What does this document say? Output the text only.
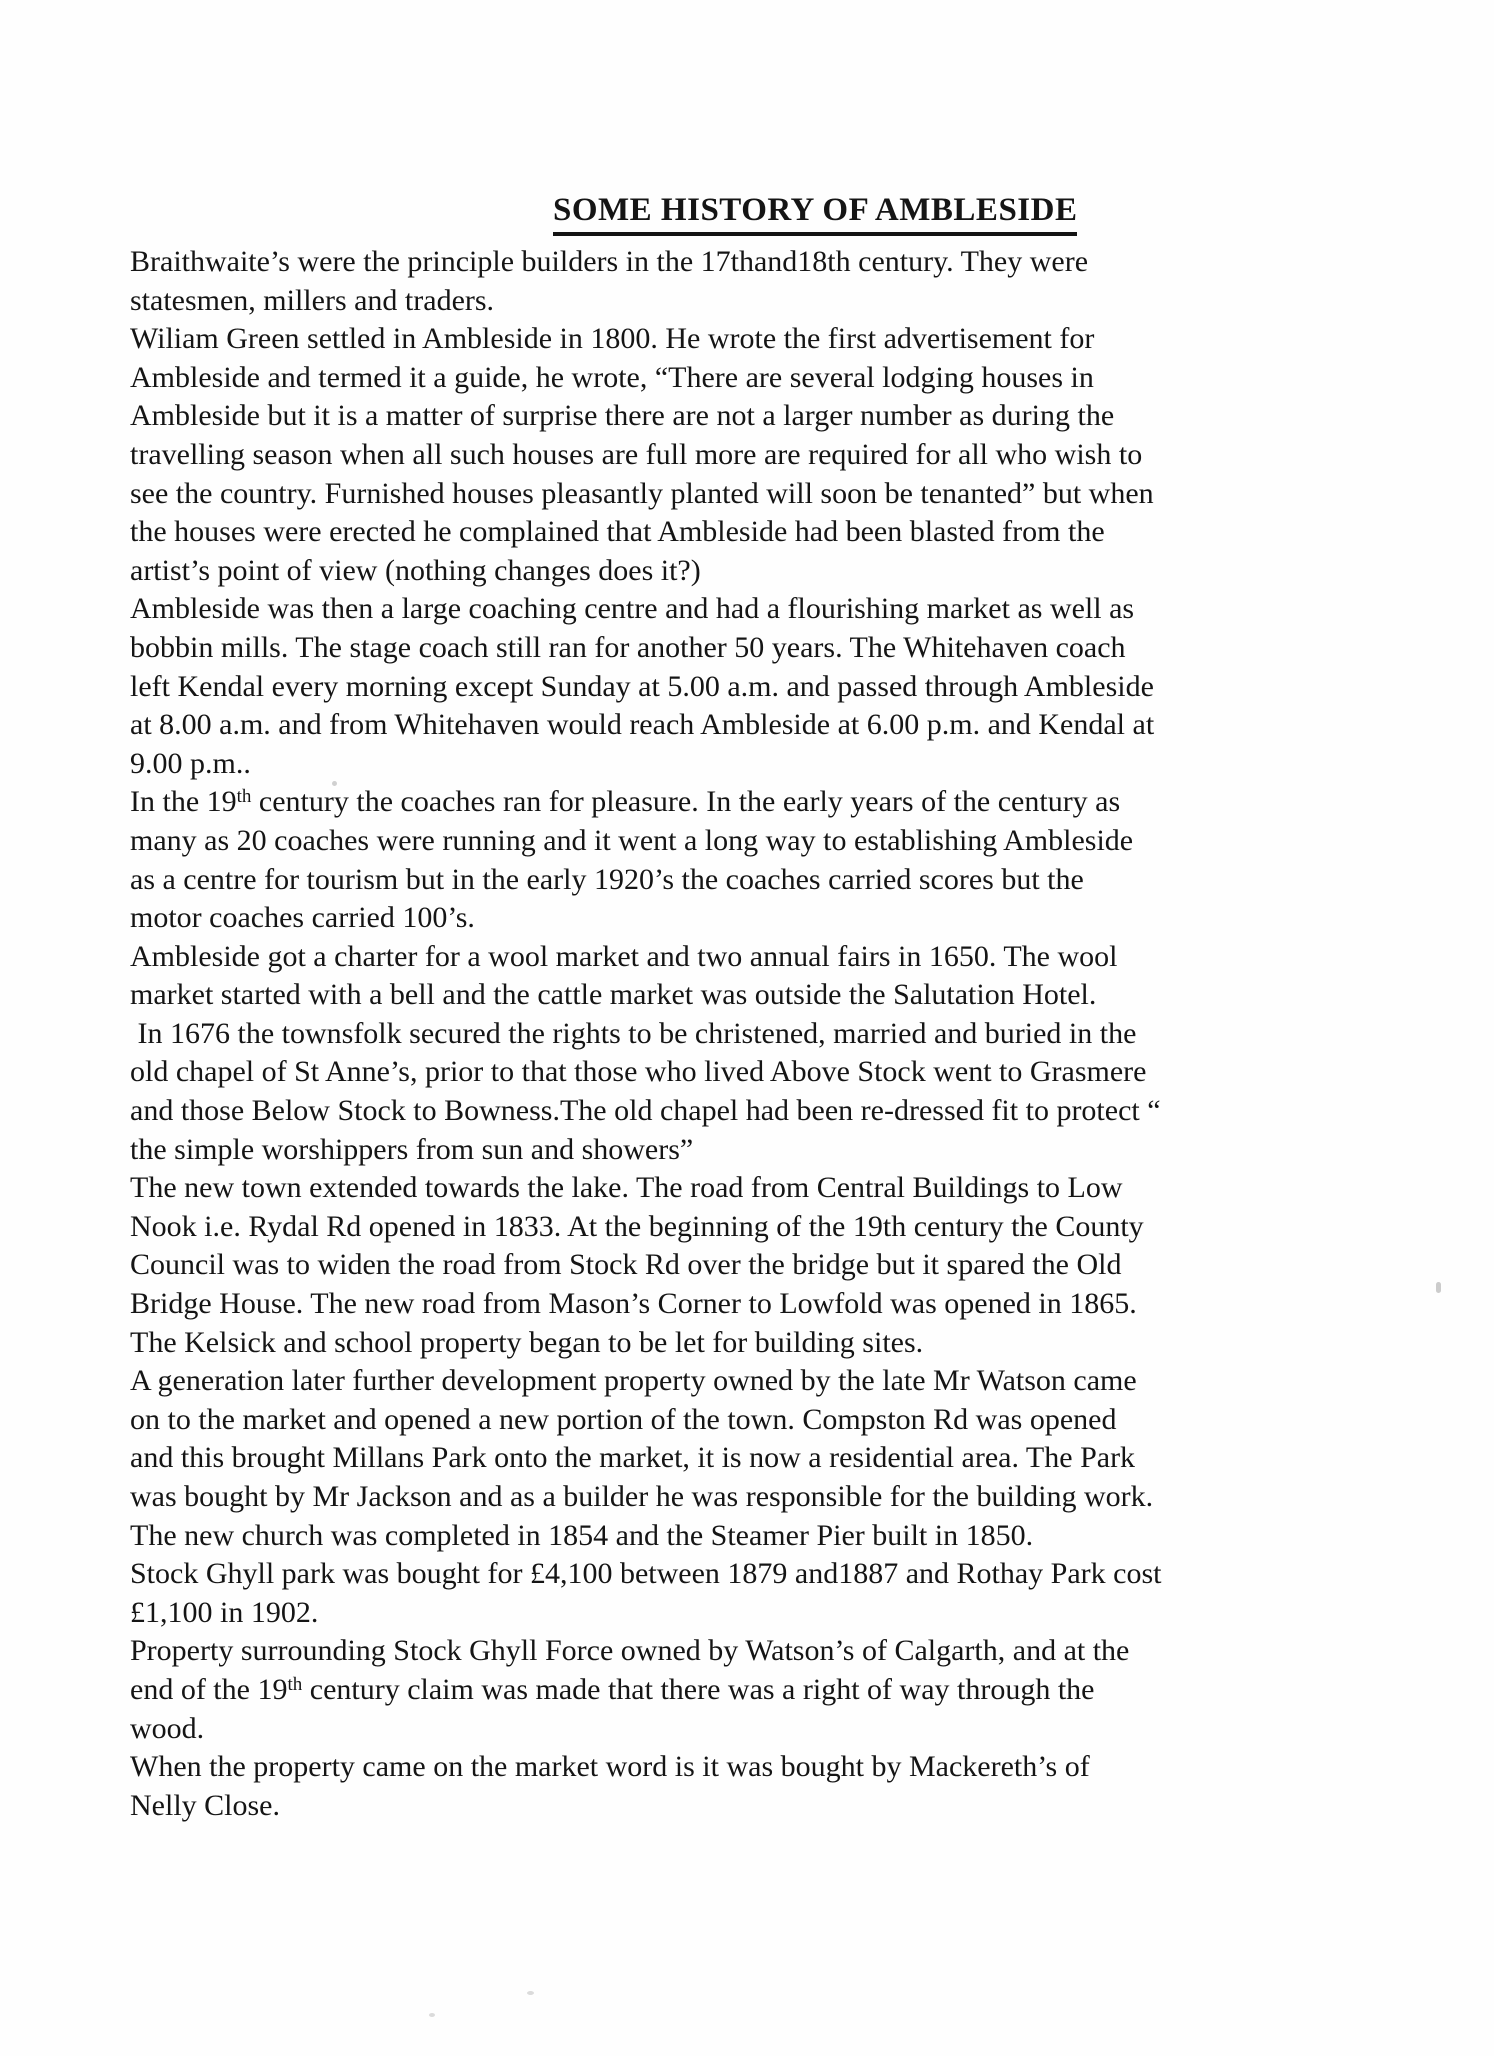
SOME HISTORY OF AMBLESIDE

Braithwaite’s were the principle builders in the 17thand18th century. They were
statesmen, millers and traders.
Wiliam Green settled in Ambleside in 1800. He wrote the first advertisement for
Ambleside and termed it a guide, he wrote, “There are several lodging houses in
Ambleside but it is a matter of surprise there are not a larger number as during the
travelling season when all such houses are full more are required for all who wish to
see the country. Furnished houses pleasantly planted will soon be tenanted” but when
the houses were erected he complained that Ambleside had been blasted from the
artist’s point of view (nothing changes does it?)
Ambleside was then a large coaching centre and had a flourishing market as well as
bobbin mills. The stage coach still ran for another 50 years. The Whitehaven coach
left Kendal every morning except Sunday at 5.00 a.m. and passed through Ambleside
at 8.00 a.m. and from Whitehaven would reach Ambleside at 6.00 p.m. and Kendal at
9.00 p.m..
In the 19th century the coaches ran for pleasure. In the early years of the century as
many as 20 coaches were running and it went a long way to establishing Ambleside
as a centre for tourism but in the early 1920’s the coaches carried scores but the
motor coaches carried 100’s.
Ambleside got a charter for a wool market and two annual fairs in 1650. The wool
market started with a bell and the cattle market was outside the Salutation Hotel.
In 1676 the townsfolk secured the rights to be christened, married and buried in the
old chapel of St Anne’s, prior to that those who lived Above Stock went to Grasmere
and those Below Stock to Bowness.The old chapel had been re-dressed fit to protect “
the simple worshippers from sun and showers”
The new town extended towards the lake. The road from Central Buildings to Low
Nook i.e. Rydal Rd opened in 1833. At the beginning of the 19th century the County
Council was to widen the road from Stock Rd over the bridge but it spared the Old
Bridge House. The new road from Mason’s Corner to Lowfold was opened in 1865.
The Kelsick and school property began to be let for building sites.
A generation later further development property owned by the late Mr Watson came
on to the market and opened a new portion of the town. Compston Rd was opened
and this brought Millans Park onto the market, it is now a residential area. The Park
was bought by Mr Jackson and as a builder he was responsible for the building work.
The new church was completed in 1854 and the Steamer Pier built in 1850.
Stock Ghyll park was bought for £4,100 between 1879 and1887 and Rothay Park cost
£1,100 in 1902.
Property surrounding Stock Ghyll Force owned by Watson’s of Calgarth, and at the
end of the 19th century claim was made that there was a right of way through the
wood.
When the property came on the market word is it was bought by Mackereth’s of
Nelly Close.
